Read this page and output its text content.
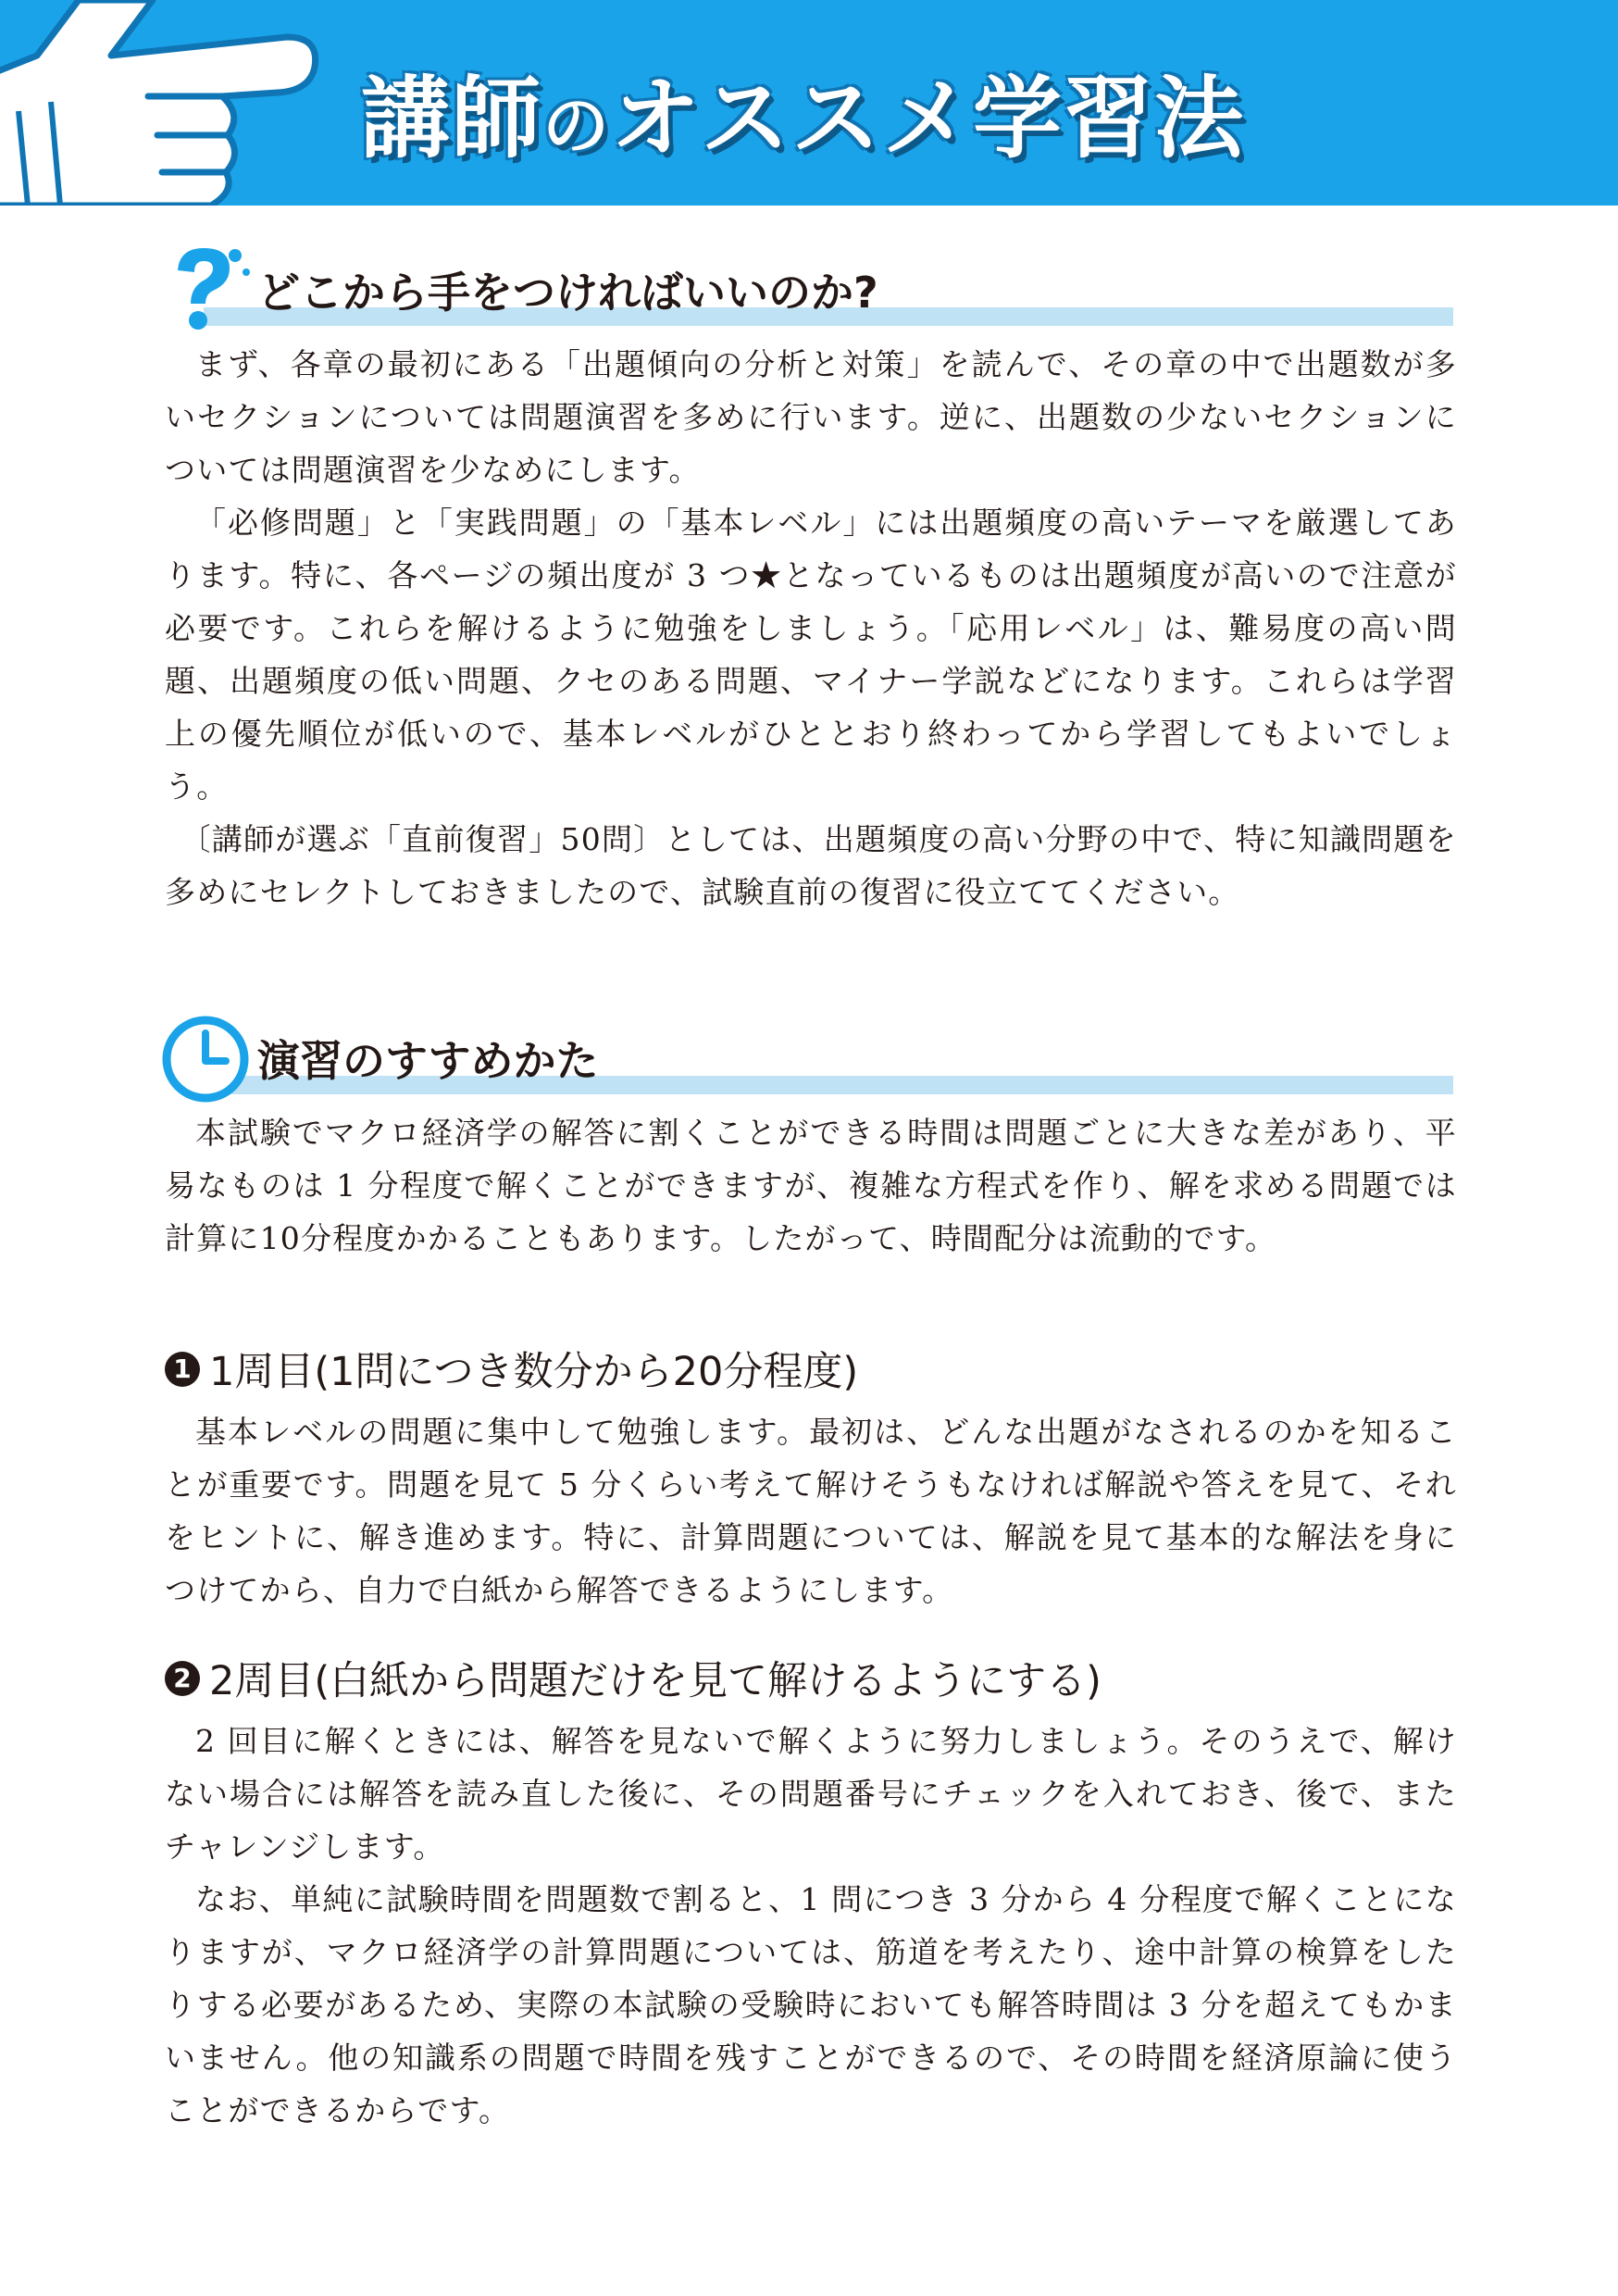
講師のオススメ学習法
どこから手をつければいいのか?

まず、各章の最初にある「出題傾向の分析と対策」を読んで、その章の中で出題数が多いセクションについては問題演習を多めに行います。逆に、出題数の少ないセクションについては問題演習を少なめにします。

「必修問題」と「実践問題」の「基本レベル」には出題頻度の高いテーマを厳選してあります。特に、各ページの頻出度が 3 つ★となっているものは出題頻度が高いので注意が必要です。これらを解けるように勉強をしましょう。「応用レベル」は、難易度の高い問題、出題頻度の低い問題、クセのある問題、マイナー学説などになります。これらは学習上の優先順位が低いので、基本レベルがひととおり終わってから学習してもよいでしょう。

〔講師が選ぶ「直前復習」50問〕としては、出題頻度の高い分野の中で、特に知識問題を多めにセレクトしておきましたので、試験直前の復習に役立ててください。

演習のすすめかた

本試験でマクロ経済学の解答に割くことができる時間は問題ごとに大きな差があり、平易なものは 1 分程度で解くことができますが、複雑な方程式を作り、解を求める問題では計算に10分程度かかることもあります。したがって、時間配分は流動的です。

1 1周目(1問につき数分から20分程度)

基本レベルの問題に集中して勉強します。最初は、どんな出題がなされるのかを知ることが重要です。問題を見て 5 分くらい考えて解けそうもなければ解説や答えを見て、それをヒントに、解き進めます。特に、計算問題については、解説を見て基本的な解法を身につけてから、自力で白紙から解答できるようにします。

2 2周目(白紙から問題だけを見て解けるようにする)

2 回目に解くときには、解答を見ないで解くように努力しましょう。そのうえで、解けない場合には解答を読み直した後に、その問題番号にチェックを入れておき、後で、またチャレンジします。

なお、単純に試験時間を問題数で割ると、1 問につき 3 分から 4 分程度で解くことになりますが、マクロ経済学の計算問題については、筋道を考えたり、途中計算の検算をしたりする必要があるため、実際の本試験の受験時においても解答時間は 3 分を超えてもかまいません。他の知識系の問題で時間を残すことができるので、その時間を経済原論に使うことができるからです。
